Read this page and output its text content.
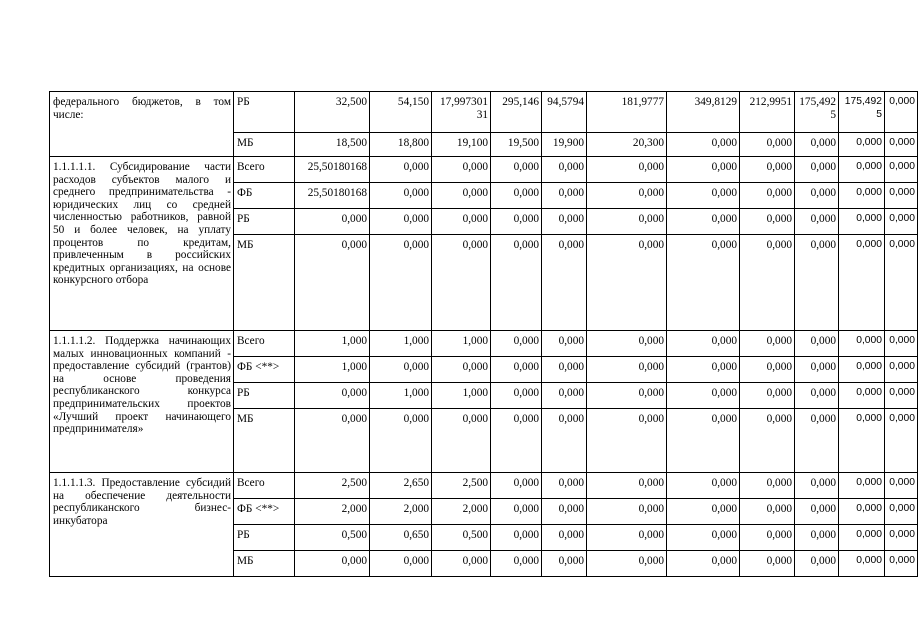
федерального бюджетов, в том числе:	РБ	32,500	54,150	17,99730131	295,146	94,5794	181,9777	349,8129	212,9951	175,4925	175,4925	0,000
	МБ	18,500	18,800	19,100	19,500	19,900	20,300	0,000	0,000	0,000	0,000	0,000
1.1.1.1.1. Субсидирование части расходов субъектов малого и среднего предпринимательства - юридических лиц со средней численностью работников, равной 50 и более человек, на уплату процентов по кредитам, привлеченным в российских кредитных организациях, на основе конкурсного отбора	Всего	25,50180168	0,000	0,000	0,000	0,000	0,000	0,000	0,000	0,000	0,000	0,000
	ФБ	25,50180168	0,000	0,000	0,000	0,000	0,000	0,000	0,000	0,000	0,000	0,000
	РБ	0,000	0,000	0,000	0,000	0,000	0,000	0,000	0,000	0,000	0,000	0,000
	МБ	0,000	0,000	0,000	0,000	0,000	0,000	0,000	0,000	0,000	0,000	0,000
1.1.1.1.2. Поддержка начинающих малых инновационных компаний - предоставление субсидий (грантов) на основе проведения республиканского конкурса предпринимательских проектов «Лучший проект начинающего предпринимателя»	Всего	1,000	1,000	1,000	0,000	0,000	0,000	0,000	0,000	0,000	0,000	0,000
	ФБ <**>	1,000	0,000	0,000	0,000	0,000	0,000	0,000	0,000	0,000	0,000	0,000
	РБ	0,000	1,000	1,000	0,000	0,000	0,000	0,000	0,000	0,000	0,000	0,000
	МБ	0,000	0,000	0,000	0,000	0,000	0,000	0,000	0,000	0,000	0,000	0,000
1.1.1.1.3. Предоставление субсидий на обеспечение деятельности республиканского бизнес-инкубатора	Всего	2,500	2,650	2,500	0,000	0,000	0,000	0,000	0,000	0,000	0,000	0,000
	ФБ <**>	2,000	2,000	2,000	0,000	0,000	0,000	0,000	0,000	0,000	0,000	0,000
	РБ	0,500	0,650	0,500	0,000	0,000	0,000	0,000	0,000	0,000	0,000	0,000
	МБ	0,000	0,000	0,000	0,000	0,000	0,000	0,000	0,000	0,000	0,000	0,000
